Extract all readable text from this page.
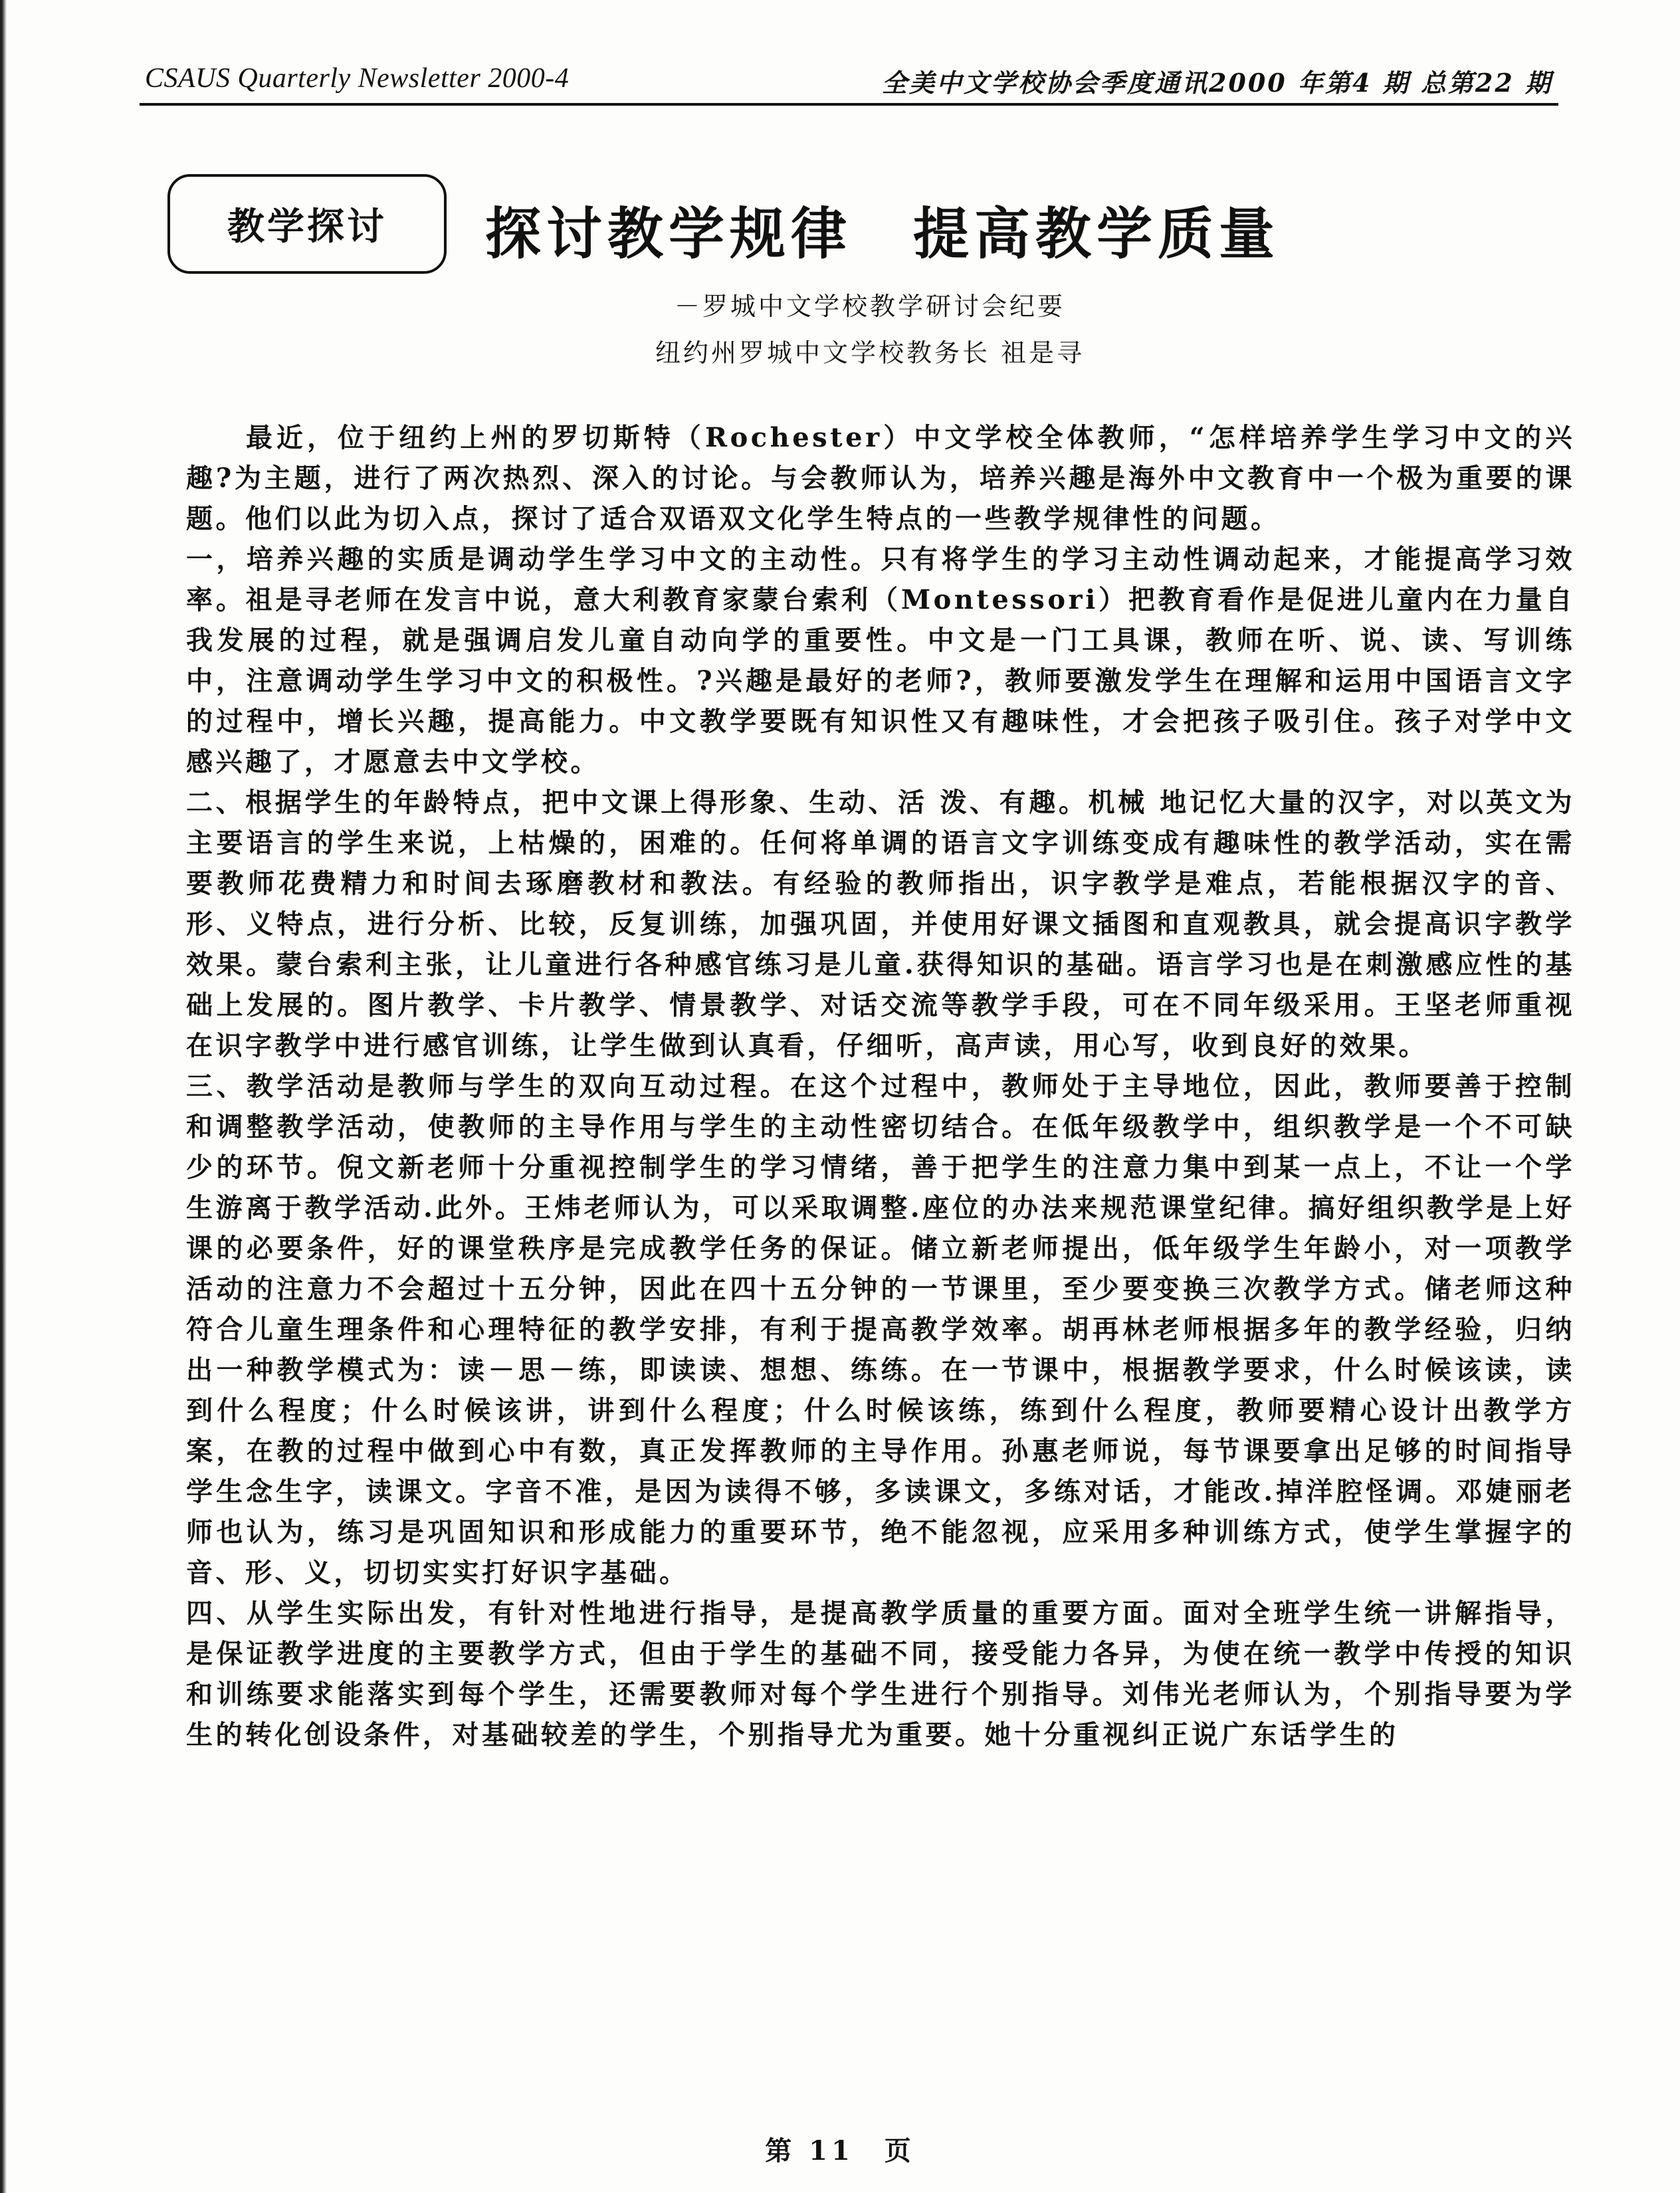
CSAUS Quarterly Newsletter 2000-4	全美中文学校协会季度通讯2000 年第4 期 总第22 期
教学探讨	探讨教学规律　提高教学质量
－罗城中文学校教学研讨会纪要
纽约州罗城中文学校教务长 祖是寻

最近，位于纽约上州的罗切斯特（Rochester）中文学校全体教师，“怎样培养学生学习中文的兴趣?为主题，进行了两次热烈、深入的讨论。与会教师认为，培养兴趣是海外中文教育中一个极为重要的课题。他们以此为切入点，探讨了适合双语双文化学生特点的一些教学规律性的问题。

一，培养兴趣的实质是调动学生学习中文的主动性。只有将学生的学习主动性调动起来，才能提高学习效率。祖是寻老师在发言中说，意大利教育家蒙台索利（Montessori）把教育看作是促进儿童内在力量自我发展的过程，就是强调启发儿童自动向学的重要性。中文是一门工具课，教师在听、说、读、写训练中，注意调动学生学习中文的积极性。?兴趣是最好的老师?，教师要激发学生在理解和运用中国语言文字的过程中，增长兴趣，提高能力。中文教学要既有知识性又有趣味性，才会把孩子吸引住。孩子对学中文感兴趣了，才愿意去中文学校。

二、根据学生的年龄特点，把中文课上得形象、生动、活 泼、有趣。机械 地记忆大量的汉字，对以英文为主要语言的学生来说，上枯燥的，困难的。任何将单调的语言文字训练变成有趣味性的教学活动，实在需要教师花费精力和时间去琢磨教材和教法。有经验的教师指出，识字教学是难点，若能根据汉字的音、形、义特点，进行分析、比较，反复训练，加强巩固，并使用好课文插图和直观教具，就会提高识字教学效果。蒙台索利主张，让儿童进行各种感官练习是儿童.获得知识的基础。语言学习也是在刺激感应性的基础上发展的。图片教学、卡片教学、情景教学、对话交流等教学手段，可在不同年级采用。王坚老师重视在识字教学中进行感官训练，让学生做到认真看，仔细听，高声读，用心写，收到良好的效果。

三、教学活动是教师与学生的双向互动过程。在这个过程中，教师处于主导地位，因此，教师要善于控制和调整教学活动，使教师的主导作用与学生的主动性密切结合。在低年级教学中，组织教学是一个不可缺少的环节。倪文新老师十分重视控制学生的学习情绪，善于把学生的注意力集中到某一点上，不让一个学生游离于教学活动.此外。王炜老师认为，可以采取调整.座位的办法来规范课堂纪律。搞好组织教学是上好课的必要条件，好的课堂秩序是完成教学任务的保证。储立新老师提出，低年级学生年龄小，对一项教学活动的注意力不会超过十五分钟，因此在四十五分钟的一节课里，至少要变换三次教学方式。储老师这种符合儿童生理条件和心理特征的教学安排，有利于提高教学效率。胡再林老师根据多年的教学经验，归纳出一种教学模式为：读－思－练，即读读、想想、练练。在一节课中，根据教学要求，什么时候该读，读到什么程度；什么时候该讲，讲到什么程度；什么时候该练，练到什么程度，教师要精心设计出教学方案，在教的过程中做到心中有数，真正发挥教师的主导作用。孙惠老师说，每节课要拿出足够的时间指导学生念生字，读课文。字音不准，是因为读得不够，多读课文，多练对话，才能改.掉洋腔怪调。邓婕丽老师也认为，练习是巩固知识和形成能力的重要环节，绝不能忽视，应采用多种训练方式，使学生掌握字的音、形、义，切切实实打好识字基础。

四、从学生实际出发，有针对性地进行指导，是提高教学质量的重要方面。面对全班学生统一讲解指导，是保证教学进度的主要教学方式，但由于学生的基础不同，接受能力各异，为使在统一教学中传授的知识和训练要求能落实到每个学生，还需要教师对每个学生进行个别指导。刘伟光老师认为，个别指导要为学生的转化创设条件，对基础较差的学生，个别指导尤为重要。她十分重视纠正说广东话学生的

第 11　页
